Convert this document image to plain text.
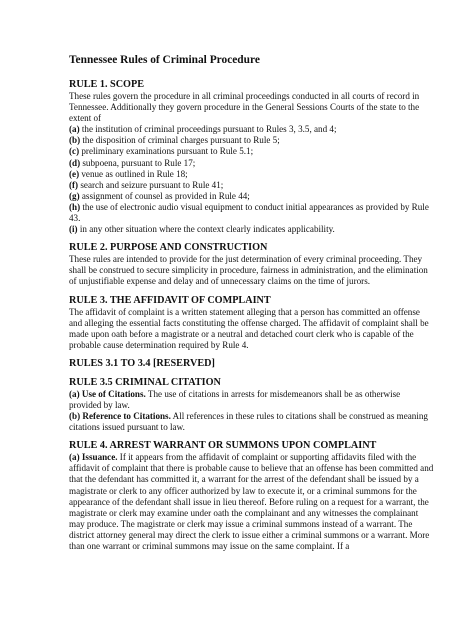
Tennessee Rules of Criminal Procedure
RULE 1. SCOPE

These rules govern the procedure in all criminal proceedings conducted in all courts of record in Tennessee. Additionally they govern procedure in the General Sessions Courts of the state to the extent of

(a) the institution of criminal proceedings pursuant to Rules 3, 3.5, and 4;

(b) the disposition of criminal charges pursuant to Rule 5;

(c) preliminary examinations pursuant to Rule 5.1;

(d) subpoena, pursuant to Rule 17;

(e) venue as outlined in Rule 18;

(f) search and seizure pursuant to Rule 41;

(g) assignment of counsel as provided in Rule 44;

(h) the use of electronic audio visual equipment to conduct initial appearances as provided by Rule 43.

(i) in any other situation where the context clearly indicates applicability.

RULE 2. PURPOSE AND CONSTRUCTION

These rules are intended to provide for the just determination of every criminal proceeding. They shall be construed to secure simplicity in procedure, fairness in administration, and the elimination of unjustifiable expense and delay and of unnecessary claims on the time of jurors.

RULE 3. THE AFFIDAVIT OF COMPLAINT

The affidavit of complaint is a written statement alleging that a person has committed an offense and alleging the essential facts constituting the offense charged. The affidavit of complaint shall be made upon oath before a magistrate or a neutral and detached court clerk who is capable of the probable cause determination required by Rule 4.

RULES 3.1 TO 3.4 [RESERVED]
RULE 3.5 CRIMINAL CITATION

(a) Use of Citations. The use of citations in arrests for misdemeanors shall be as otherwise provided by law.

(b) Reference to Citations. All references in these rules to citations shall be construed as meaning citations issued pursuant to law.

RULE 4. ARREST WARRANT OR SUMMONS UPON COMPLAINT

(a) Issuance. If it appears from the affidavit of complaint or supporting affidavits filed with the affidavit of complaint that there is probable cause to believe that an offense has been committed and that the defendant has committed it, a warrant for the arrest of the defendant shall be issued by a magistrate or clerk to any officer authorized by law to execute it, or a criminal summons for the appearance of the defendant shall issue in lieu thereof. Before ruling on a request for a warrant, the magistrate or clerk may examine under oath the complainant and any witnesses the complainant may produce. The magistrate or clerk may issue a criminal summons instead of a warrant. The district attorney general may direct the clerk to issue either a criminal summons or a warrant. More than one warrant or criminal summons may issue on the same complaint. If a
